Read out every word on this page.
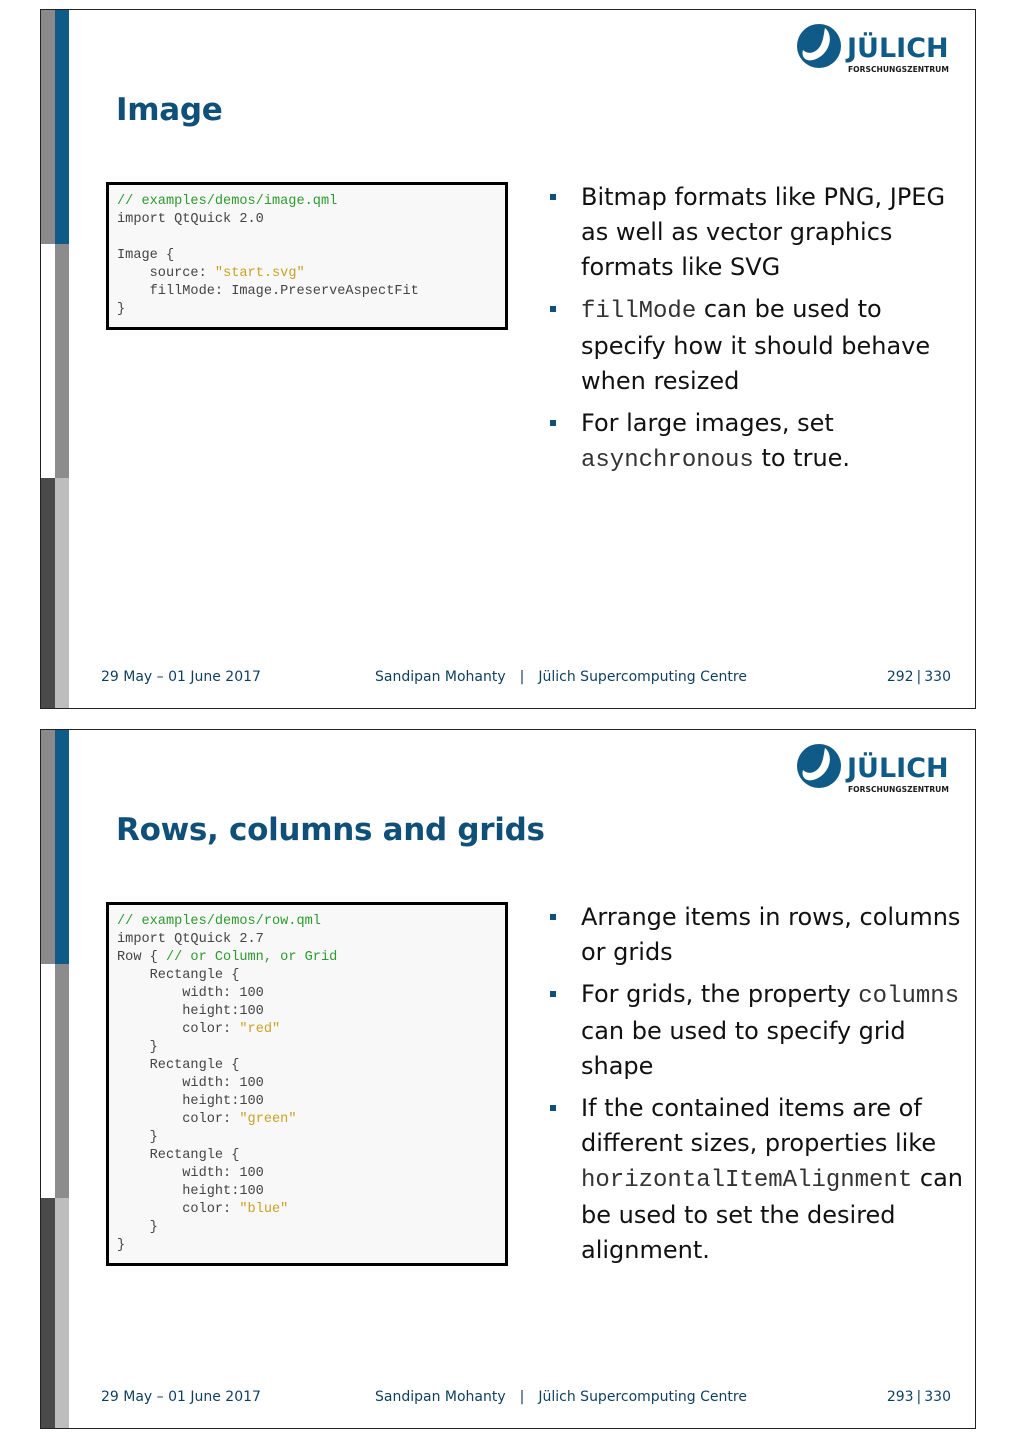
JÜLICH
FORSCHUNGSZENTRUM
Image
// examples/demos/image.qml
import QtQuick 2.0
Image {
source: "start.svg"
fillMode: Image.PreserveAspectFit
}
Bitmap formats like PNG, JPEG as well as vector graphics formats like SVG
fillMode can be used to specify how it should behave when resized
For large images, set asynchronous to true.
29 May – 01 June 2017	Sandipan Mohanty | Jülich Supercomputing Centre	292 | 330
JÜLICH
FORSCHUNGSZENTRUM
Rows, columns and grids
// examples/demos/row.qml
import QtQuick 2.7
Row { // or Column, or Grid
Rectangle {
width: 100
height:100
color: "red"
}
Rectangle {
width: 100
height:100
color: "green"
}
Rectangle {
width: 100
height:100
color: "blue"
}
}
Arrange items in rows, columns or grids
For grids, the property columns can be used to specify grid shape
If the contained items are of different sizes, properties like horizontalItemAlignment can be used to set the desired alignment.
29 May – 01 June 2017	Sandipan Mohanty | Jülich Supercomputing Centre	293 | 330
